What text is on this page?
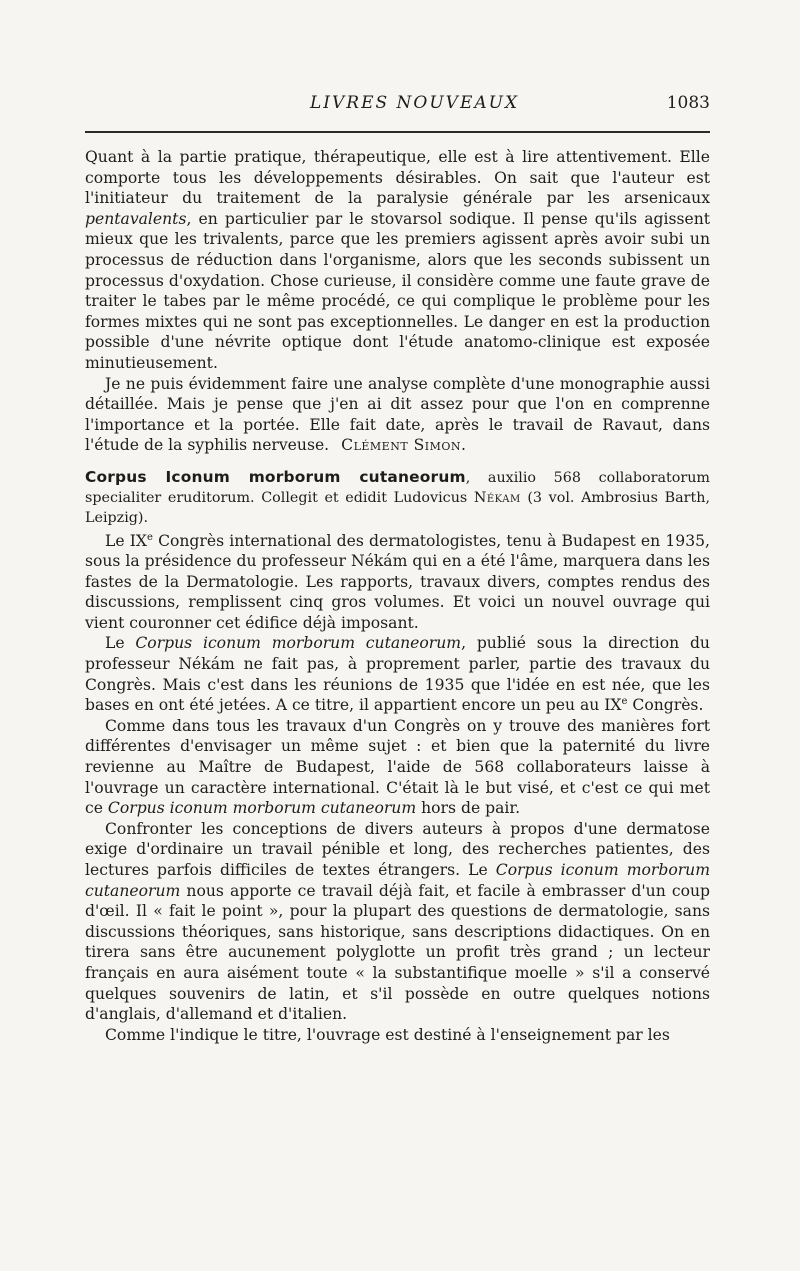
LIVRES NOUVEAUX	1083

Quant à la partie pratique, thérapeutique, elle est à lire attentivement. Elle comporte tous les développements désirables. On sait que l'auteur est l'initiateur du traitement de la paralysie générale par les arsenicaux pentavalents, en particulier par le stovarsol sodique. Il pense qu'ils agissent mieux que les trivalents, parce que les premiers agissent après avoir subi un processus de réduction dans l'organisme, alors que les seconds subissent un processus d'oxydation. Chose curieuse, il considère comme une faute grave de traiter le tabes par le même procédé, ce qui complique le problème pour les formes mixtes qui ne sont pas exceptionnelles. Le danger en est la production possible d'une névrite optique dont l'étude anatomo-clinique est exposée minutieusement.

Je ne puis évidemment faire une analyse complète d'une monographie aussi détaillée. Mais je pense que j'en ai dit assez pour que l'on en comprenne l'importance et la portée. Elle fait date, après le travail de Ravaut, dans l'étude de la syphilis nerveuse. Clément Simon.

Corpus Iconum morborum cutaneorum, auxilio 568 collaboratorum specialiter eruditorum. Collegit et edidit Ludovicus Nékam (3 vol. Ambrosius Barth, Leipzig).

Le IXe Congrès international des dermatologistes, tenu à Budapest en 1935, sous la présidence du professeur Nékám qui en a été l'âme, marquera dans les fastes de la Dermatologie. Les rapports, travaux divers, comptes rendus des discussions, remplissent cinq gros volumes. Et voici un nouvel ouvrage qui vient couronner cet édifice déjà imposant.

Le Corpus iconum morborum cutaneorum, publié sous la direction du professeur Nékám ne fait pas, à proprement parler, partie des travaux du Congrès. Mais c'est dans les réunions de 1935 que l'idée en est née, que les bases en ont été jetées. A ce titre, il appartient encore un peu au IXe Congrès.

Comme dans tous les travaux d'un Congrès on y trouve des manières fort différentes d'envisager un même sujet : et bien que la paternité du livre revienne au Maître de Budapest, l'aide de 568 collaborateurs laisse à l'ouvrage un caractère international. C'était là le but visé, et c'est ce qui met ce Corpus iconum morborum cutaneorum hors de pair.

Confronter les conceptions de divers auteurs à propos d'une dermatose exige d'ordinaire un travail pénible et long, des recherches patientes, des lectures parfois difficiles de textes étrangers. Le Corpus iconum morborum cutaneorum nous apporte ce travail déjà fait, et facile à embrasser d'un coup d'œil. Il « fait le point », pour la plupart des questions de dermatologie, sans discussions théoriques, sans historique, sans descriptions didactiques. On en tirera sans être aucunement polyglotte un profit très grand ; un lecteur français en aura aisément toute « la substantifique moelle » s'il a conservé quelques souvenirs de latin, et s'il possède en outre quelques notions d'anglais, d'allemand et d'italien.

Comme l'indique le titre, l'ouvrage est destiné à l'enseignement par les
